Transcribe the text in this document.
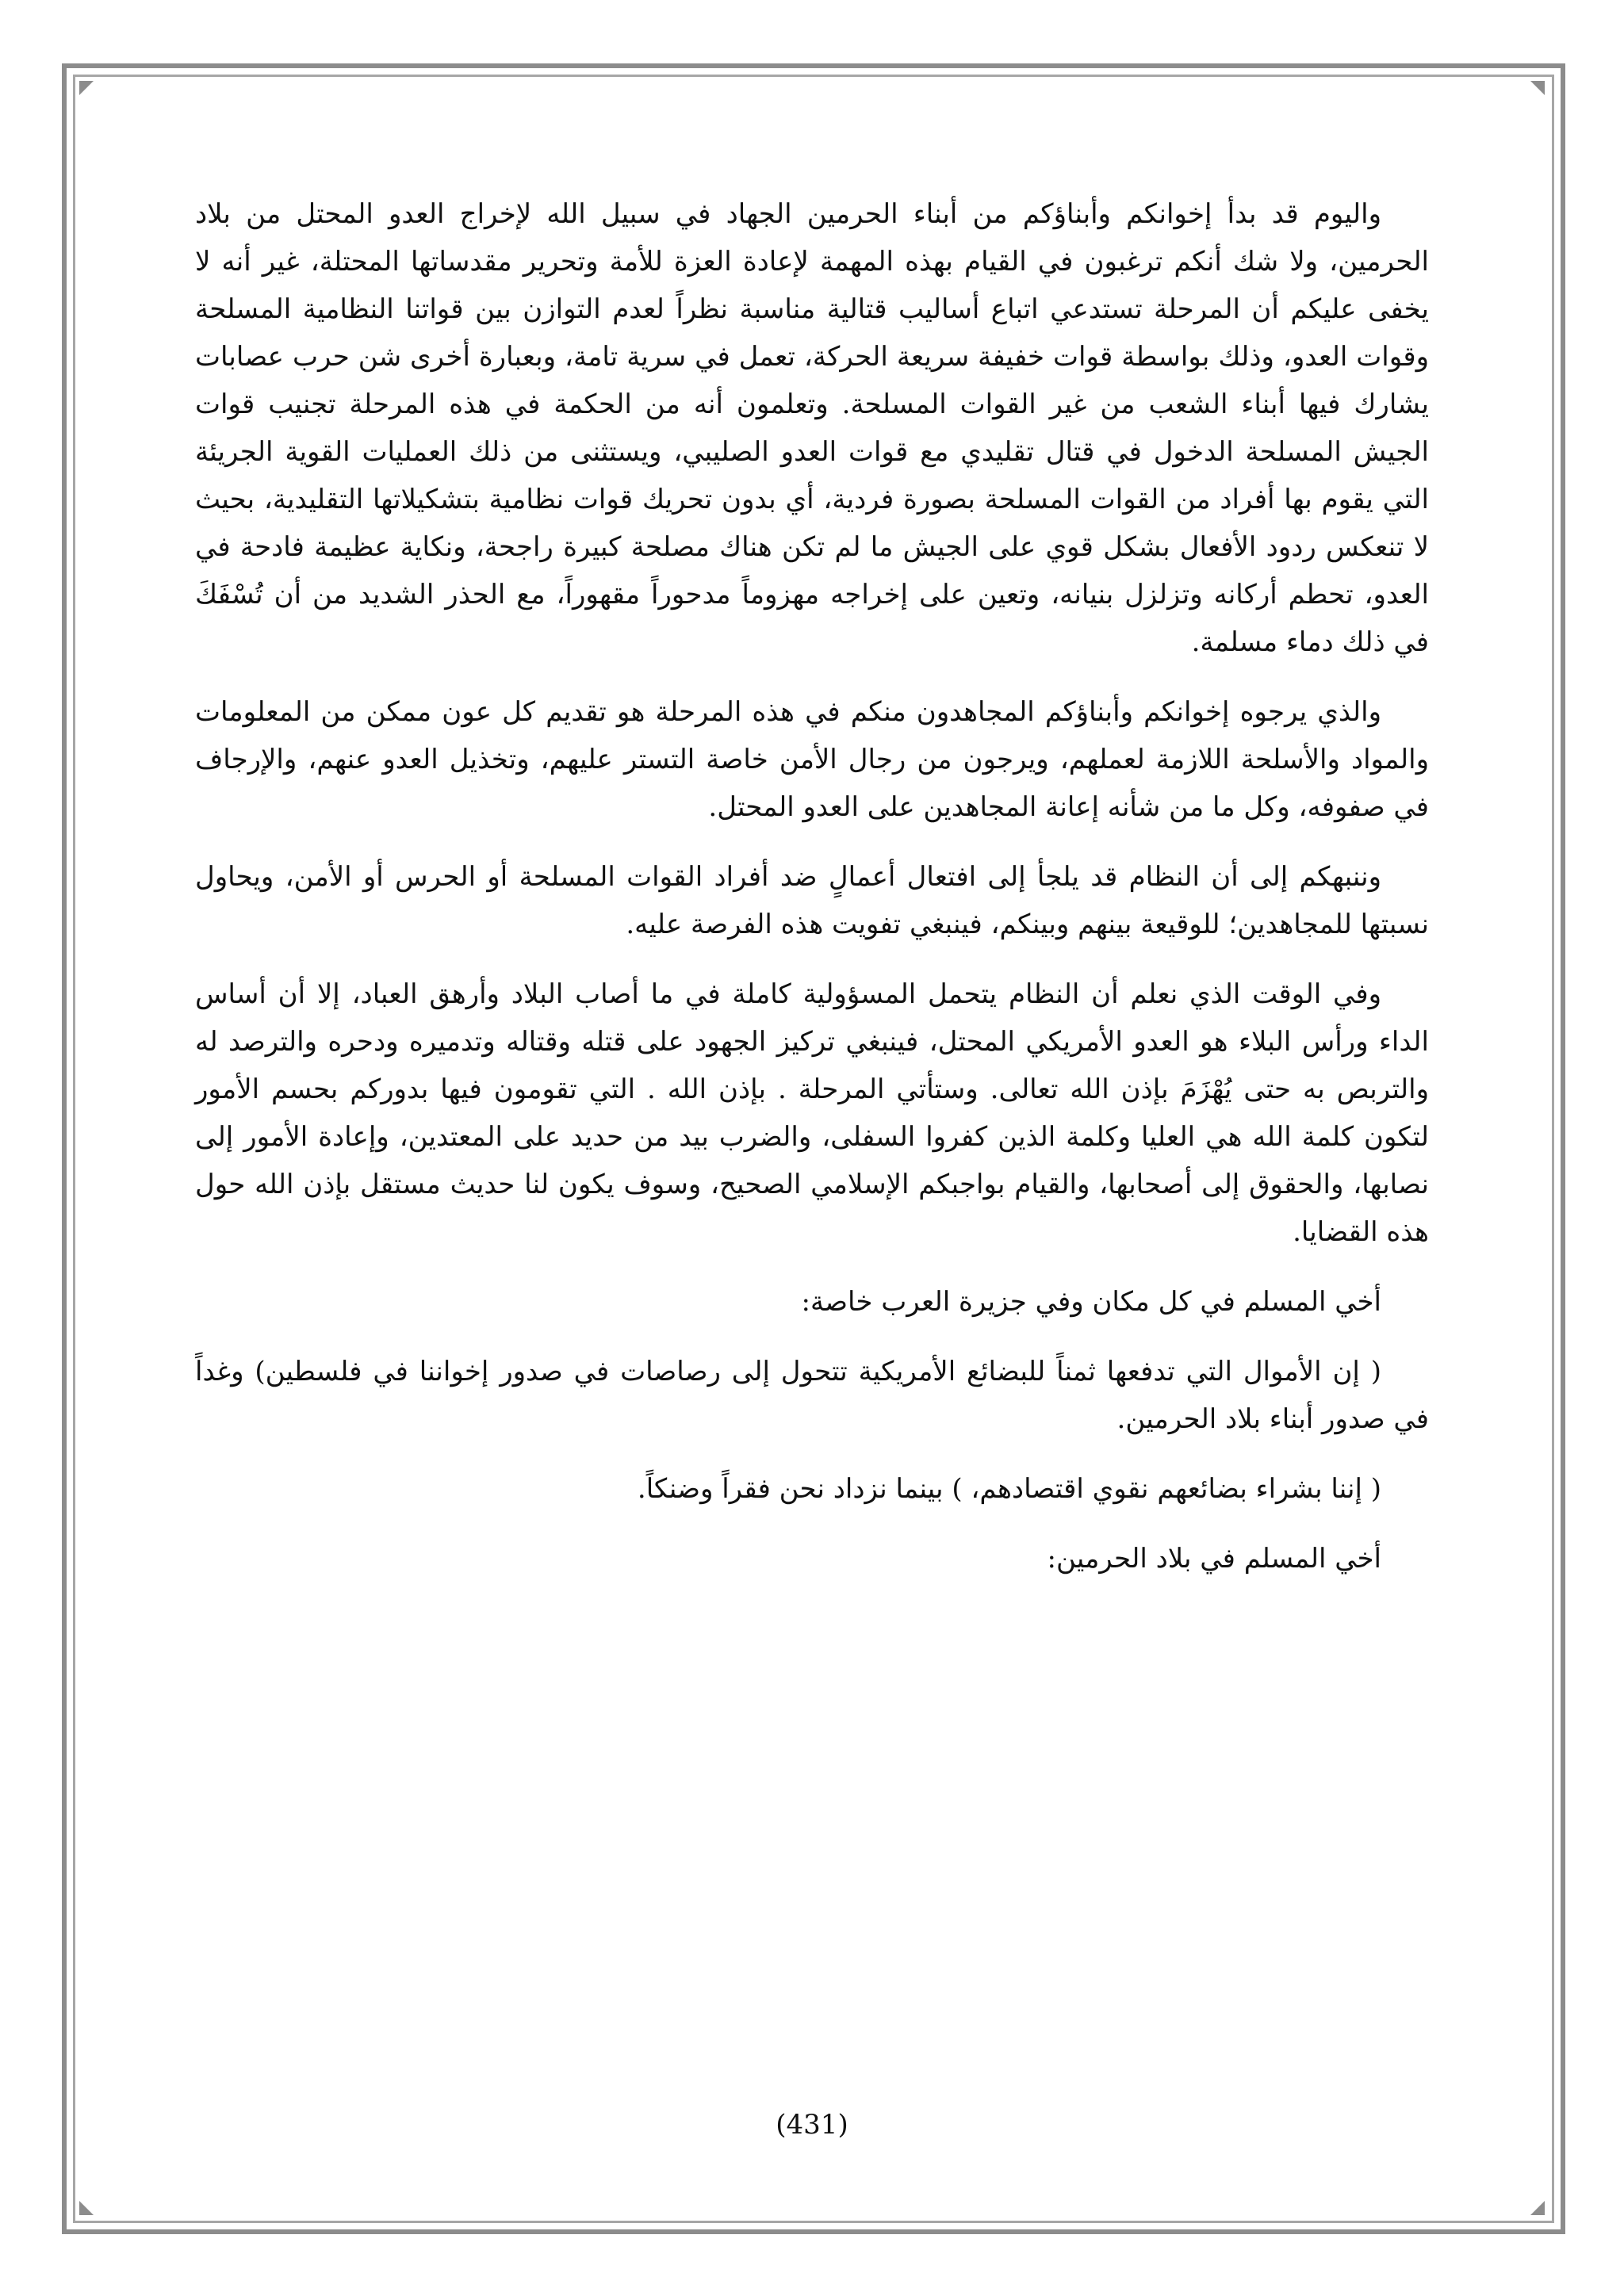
واليوم قد بدأ إخوانكم وأبناؤكم من أبناء الحرمين الجهاد في سبيل الله لإخراج العدو المحتل من بلاد الحرمين، ولا شك أنكم ترغبون في القيام بهذه المهمة لإعادة العزة للأمة وتحرير مقدساتها المحتلة، غير أنه لا يخفى عليكم أن المرحلة تستدعي اتباع أساليب قتالية مناسبة نظراً لعدم التوازن بين قواتنا النظامية المسلحة وقوات العدو، وذلك بواسطة قوات خفيفة سريعة الحركة، تعمل في سرية تامة، وبعبارة أخرى شن حرب عصابات يشارك فيها أبناء الشعب من غير القوات المسلحة. وتعلمون أنه من الحكمة في هذه المرحلة تجنيب قوات الجيش المسلحة الدخول في قتال تقليدي مع قوات العدو الصليبي، ويستثنى من ذلك العمليات القوية الجريئة التي يقوم بها أفراد من القوات المسلحة بصورة فردية، أي بدون تحريك قوات نظامية بتشكيلاتها التقليدية، بحيث لا تنعكس ردود الأفعال بشكل قوي على الجيش ما لم تكن هناك مصلحة كبيرة راجحة، ونكاية عظيمة فادحة في العدو، تحطم أركانه وتزلزل بنيانه، وتعين على إخراجه مهزوماً مدحوراً مقهوراً، مع الحذر الشديد من أن تُسْفَكَ في ذلك دماء مسلمة.

والذي يرجوه إخوانكم وأبناؤكم المجاهدون منكم في هذه المرحلة هو تقديم كل عون ممكن من المعلومات والمواد والأسلحة اللازمة لعملهم، ويرجون من رجال الأمن خاصة التستر عليهم، وتخذيل العدو عنهم، والإرجاف في صفوفه، وكل ما من شأنه إعانة المجاهدين على العدو المحتل.

وننبهكم إلى أن النظام قد يلجأ إلى افتعال أعمالٍ ضد أفراد القوات المسلحة أو الحرس أو الأمن، ويحاول نسبتها للمجاهدين؛ للوقيعة بينهم وبينكم، فينبغي تفويت هذه الفرصة عليه.

وفي الوقت الذي نعلم أن النظام يتحمل المسؤولية كاملة في ما أصاب البلاد وأرهق العباد، إلا أن أساس الداء ورأس البلاء هو العدو الأمريكي المحتل، فينبغي تركيز الجهود على قتله وقتاله وتدميره ودحره والترصد له والتربص به حتى يُهْزَمَ بإذن الله تعالى. وستأتي المرحلة . بإذن الله . التي تقومون فيها بدوركم بحسم الأمور لتكون كلمة الله هي العليا وكلمة الذين كفروا السفلى، والضرب بيد من حديد على المعتدين، وإعادة الأمور إلى نصابها، والحقوق إلى أصحابها، والقيام بواجبكم الإسلامي الصحيح، وسوف يكون لنا حديث مستقل بإذن الله حول هذه القضايا.

أخي المسلم في كل مكان وفي جزيرة العرب خاصة:

( إن الأموال التي تدفعها ثمناً للبضائع الأمريكية تتحول إلى رصاصات في صدور إخواننا في فلسطين) وغداً في صدور أبناء بلاد الحرمين.

( إننا بشراء بضائعهم نقوي اقتصادهم، ) بينما نزداد نحن فقراً وضنكاً.

أخي المسلم في بلاد الحرمين:

(431)
